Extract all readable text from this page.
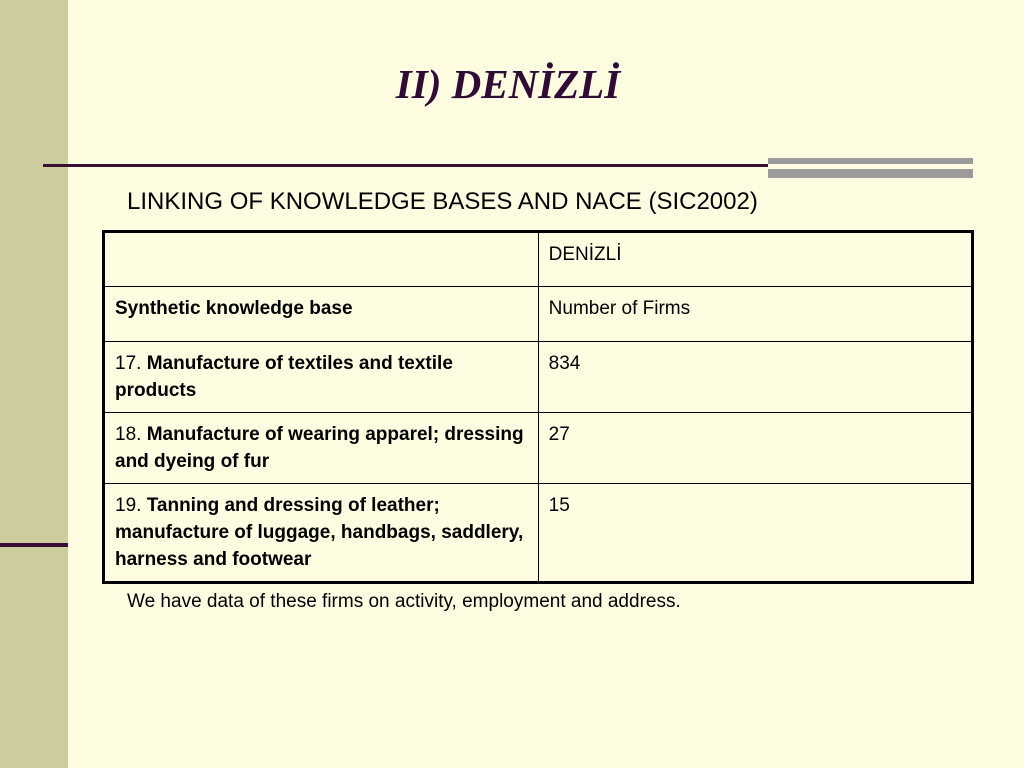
II) DENİZLİ

LINKING OF KNOWLEDGE BASES AND NACE (SIC2002)

	DENİZLİ
Synthetic knowledge base	Number of Firms
17. Manufacture of textiles and textile products	834
18. Manufacture of wearing apparel; dressing and dyeing of fur	27
19. Tanning and dressing of leather; manufacture of luggage, handbags, saddlery, harness and footwear	15

We have data of these firms on activity, employment and address.
